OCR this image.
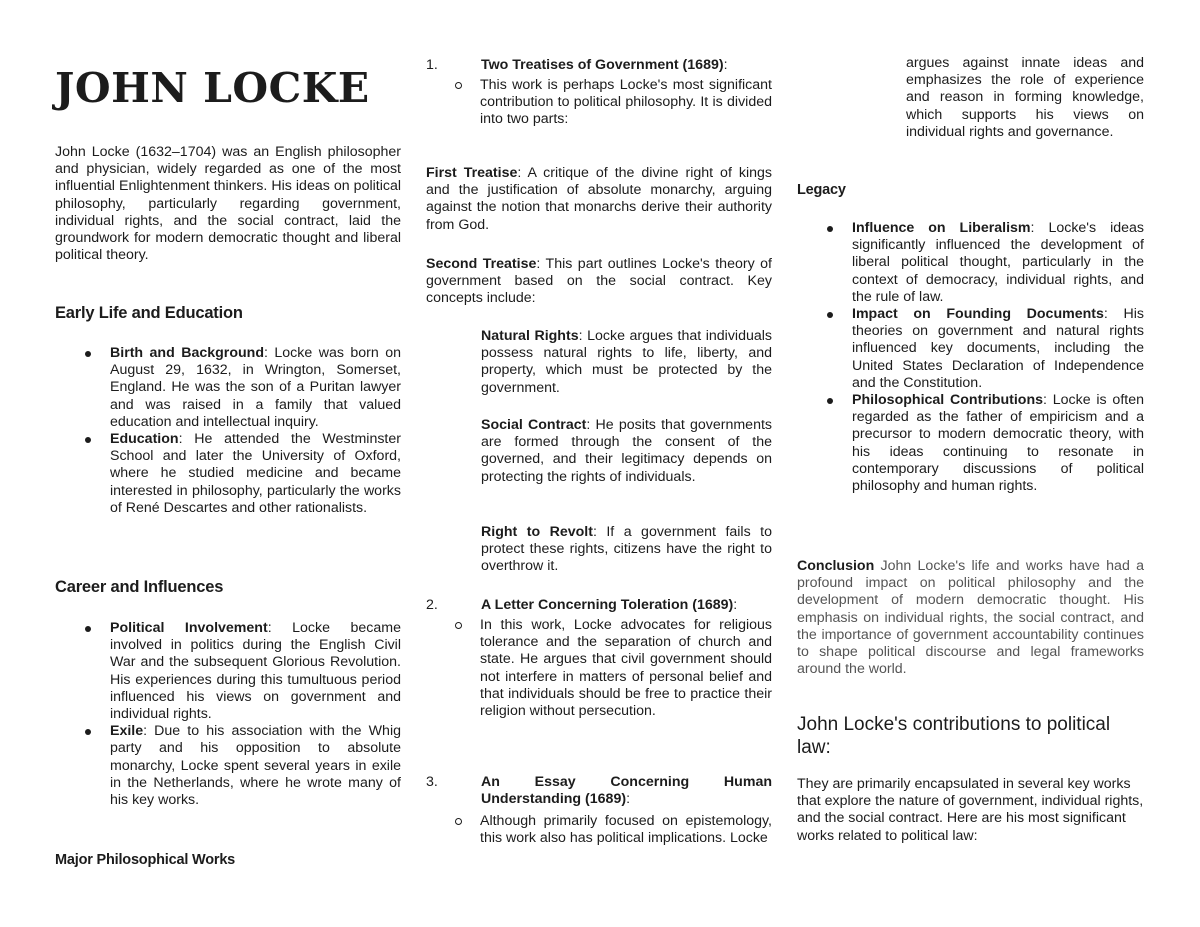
JOHN LOCKE

John Locke (1632–1704) was an English philosopher and physician, widely regarded as one of the most influential Enlightenment thinkers. His ideas on political philosophy, particularly regarding government, individual rights, and the social contract, laid the groundwork for modern democratic thought and liberal political theory.

Early Life and Education
Birth and Background: Locke was born on August 29, 1632, in Wrington, Somerset, England. He was the son of a Puritan lawyer and was raised in a family that valued education and intellectual inquiry.
Education: He attended the Westminster School and later the University of Oxford, where he studied medicine and became interested in philosophy, particularly the works of René Descartes and other rationalists.
Career and Influences
Political Involvement: Locke became involved in politics during the English Civil War and the subsequent Glorious Revolution. His experiences during this tumultuous period influenced his views on government and individual rights.
Exile: Due to his association with the Whig party and his opposition to absolute monarchy, Locke spent several years in exile in the Netherlands, where he wrote many of his key works.
Major Philosophical Works
1.	Two Treatises of Government (1689):
This work is perhaps Locke's most significant contribution to political philosophy. It is divided into two parts:

First Treatise: A critique of the divine right of kings and the justification of absolute monarchy, arguing against the notion that monarchs derive their authority from God.

Second Treatise: This part outlines Locke's theory of government based on the social contract. Key concepts include:

Natural Rights: Locke argues that individuals possess natural rights to life, liberty, and property, which must be protected by the government.

Social Contract: He posits that governments are formed through the consent of the governed, and their legitimacy depends on protecting the rights of individuals.

Right to Revolt: If a government fails to protect these rights, citizens have the right to overthrow it.

2.	A Letter Concerning Toleration (1689):
In this work, Locke advocates for religious tolerance and the separation of church and state. He argues that civil government should not interfere in matters of personal belief and that individuals should be free to practice their religion without persecution.
3.	An Essay Concerning Human Understanding (1689):
Although primarily focused on epistemology, this work also has political implications. Locke

argues against innate ideas and emphasizes the role of experience and reason in forming knowledge, which supports his views on individual rights and governance.

Legacy
Influence on Liberalism: Locke's ideas significantly influenced the development of liberal political thought, particularly in the context of democracy, individual rights, and the rule of law.
Impact on Founding Documents: His theories on government and natural rights influenced key documents, including the United States Declaration of Independence and the Constitution.
Philosophical Contributions: Locke is often regarded as the father of empiricism and a precursor to modern democratic theory, with his ideas continuing to resonate in contemporary discussions of political philosophy and human rights.

Conclusion John Locke's life and works have had a profound impact on political philosophy and the development of modern democratic thought. His emphasis on individual rights, the social contract, and the importance of government accountability continues to shape political discourse and legal frameworks around the world.

John Locke's contributions to political law:

They are primarily encapsulated in several key works that explore the nature of government, individual rights, and the social contract. Here are his most significant works related to political law:
